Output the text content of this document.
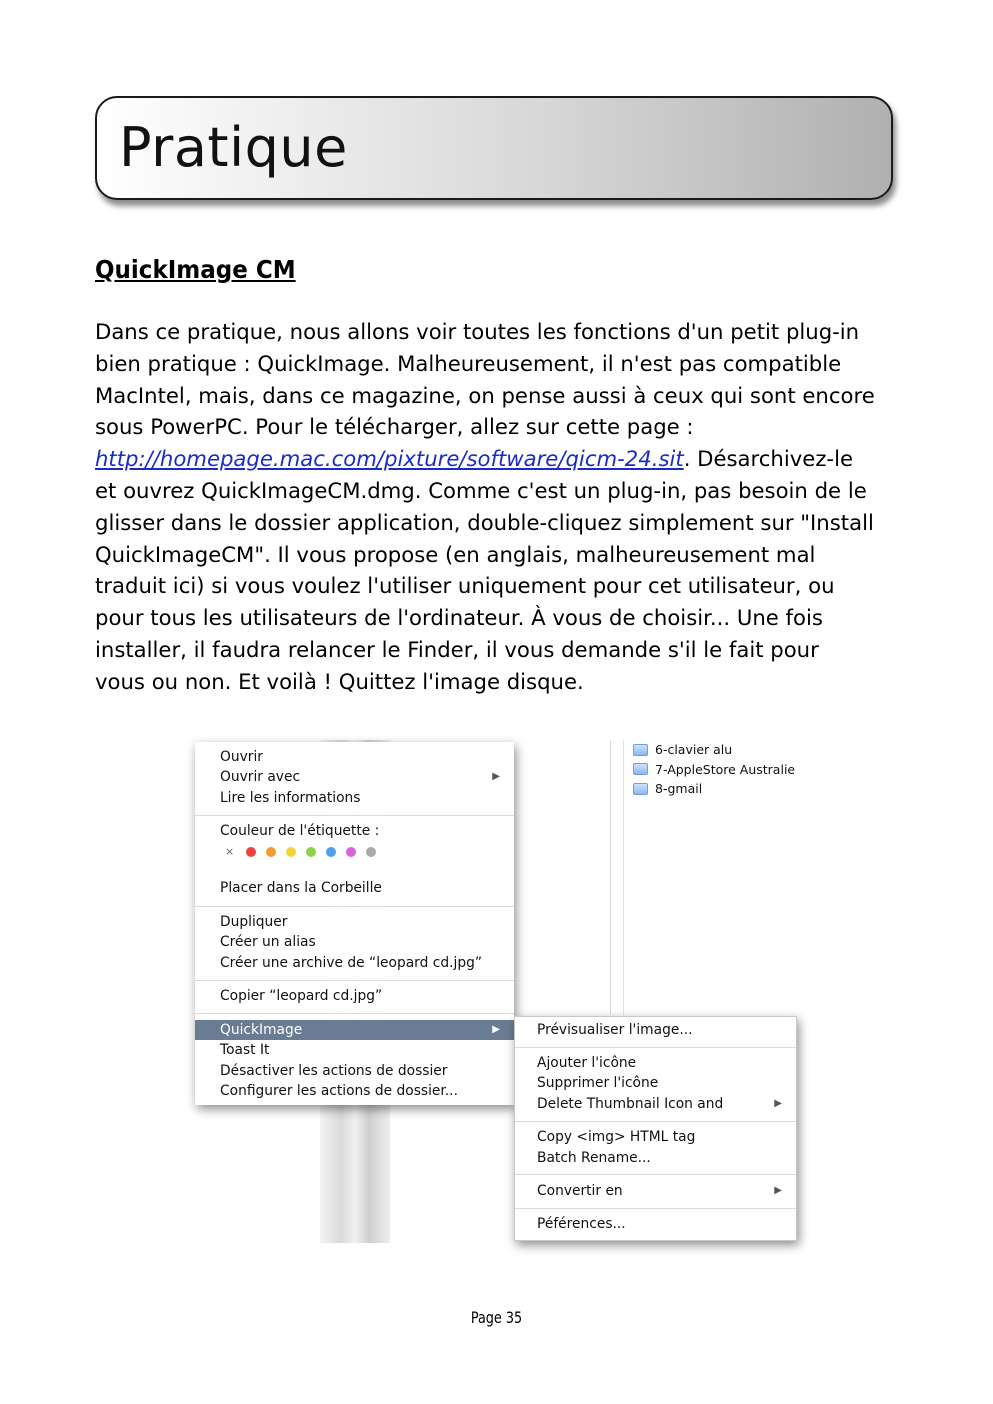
Pratique
QuickImage CM
Dans ce pratique, nous allons voir toutes les fonctions d'un petit plug-in bien pratique : QuickImage. Malheureusement, il n'est pas compatible MacIntel, mais, dans ce magazine, on pense aussi à ceux qui sont encore sous PowerPC. Pour le télécharger, allez sur cette page : http://homepage.mac.com/pixture/software/qicm-24.sit. Désarchivez-le et ouvrez QuickImageCM.dmg. Comme c'est un plug-in, pas besoin de le glisser dans le dossier application, double-cliquez simplement sur "Install QuickImageCM". Il vous propose (en anglais, malheureusement mal traduit ici) si vous voulez l'utiliser uniquement pour cet utilisateur, ou pour tous les utilisateurs de l'ordinateur. À vous de choisir... Une fois installer, il faudra relancer le Finder, il vous demande s'il le fait pour vous ou non. Et voilà ! Quittez l'image disque.
6-clavier alu
7-AppleStore Australie
8-gmail
Ouvrir
Ouvrir avec	▶
Lire les informations
Couleur de l'étiquette :
×
Placer dans la Corbeille
Dupliquer
Créer un alias
Créer une archive de “leopard cd.jpg”
Copier “leopard cd.jpg”
QuickImage	▶
Toast It
Désactiver les actions de dossier
Configurer les actions de dossier...
Prévisualiser l'image...
Ajouter l'icône
Supprimer l'icône
Delete Thumbnail Icon and	▶
Copy <img> HTML tag
Batch Rename...
Convertir en	▶
Péférences...
Page 35
